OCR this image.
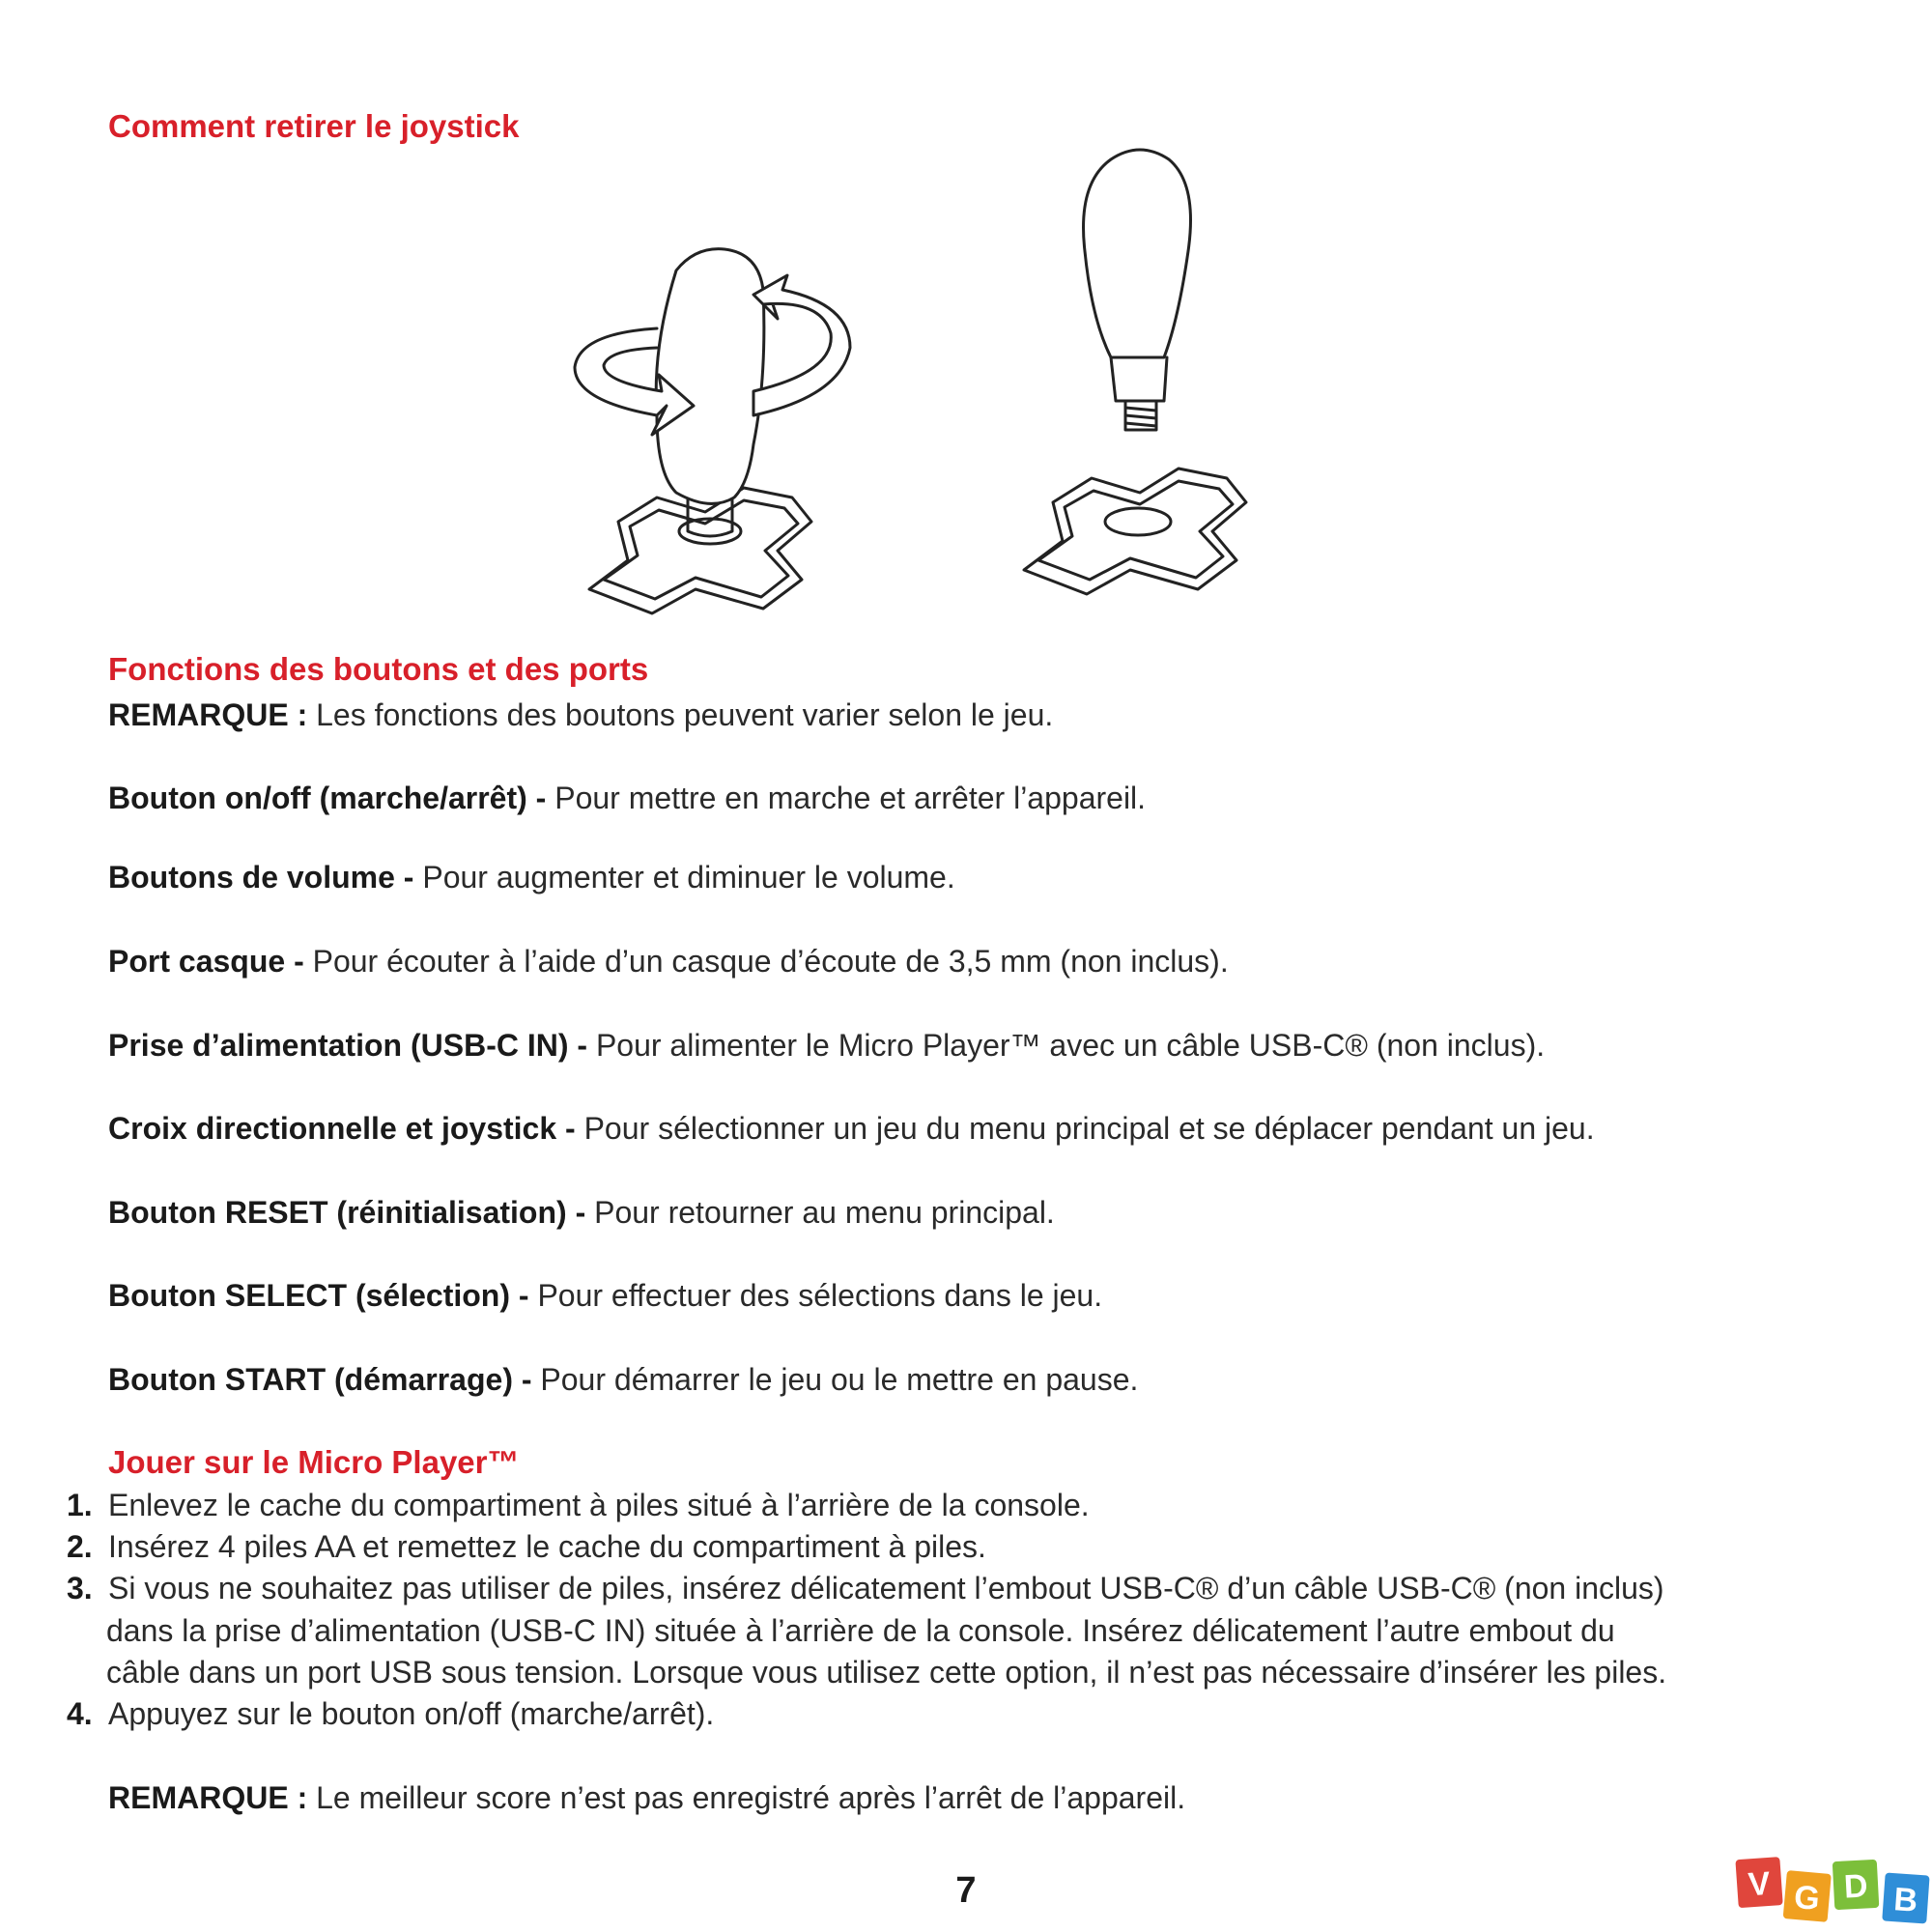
Comment retirer le joystick
Fonctions des boutons et des ports

REMARQUE : Les fonctions des boutons peuvent varier selon le jeu.

Bouton on/off (marche/arrêt) - Pour mettre en marche et arrêter l’appareil.

Boutons de volume - Pour augmenter et diminuer le volume.

Port casque - Pour écouter à l’aide d’un casque d’écoute de 3,5 mm (non inclus).

Prise d’alimentation (USB-C IN) - Pour alimenter le Micro Player™ avec un câble USB-C® (non inclus).

Croix directionnelle et joystick - Pour sélectionner un jeu du menu principal et se déplacer pendant un jeu.

Bouton RESET (réinitialisation) - Pour retourner au menu principal.

Bouton SELECT (sélection) - Pour effectuer des sélections dans le jeu.

Bouton START (démarrage) - Pour démarrer le jeu ou le mettre en pause.

Jouer sur le Micro Player™

1. Enlevez le cache du compartiment à piles situé à l’arrière de la console.

2. Insérez 4 piles AA et remettez le cache du compartiment à piles.

3. Si vous ne souhaitez pas utiliser de piles, insérez délicatement l’embout USB-C® d’un câble USB-C® (non inclus)

dans la prise d’alimentation (USB-C IN) située à l’arrière de la console. Insérez délicatement l’autre embout du

câble dans un port USB sous tension. Lorsque vous utilisez cette option, il n’est pas nécessaire d’insérer les piles.

4. Appuyez sur le bouton on/off (marche/arrêt).

REMARQUE : Le meilleur score n’est pas enregistré après l’arrêt de l’appareil.

7	V G D B
